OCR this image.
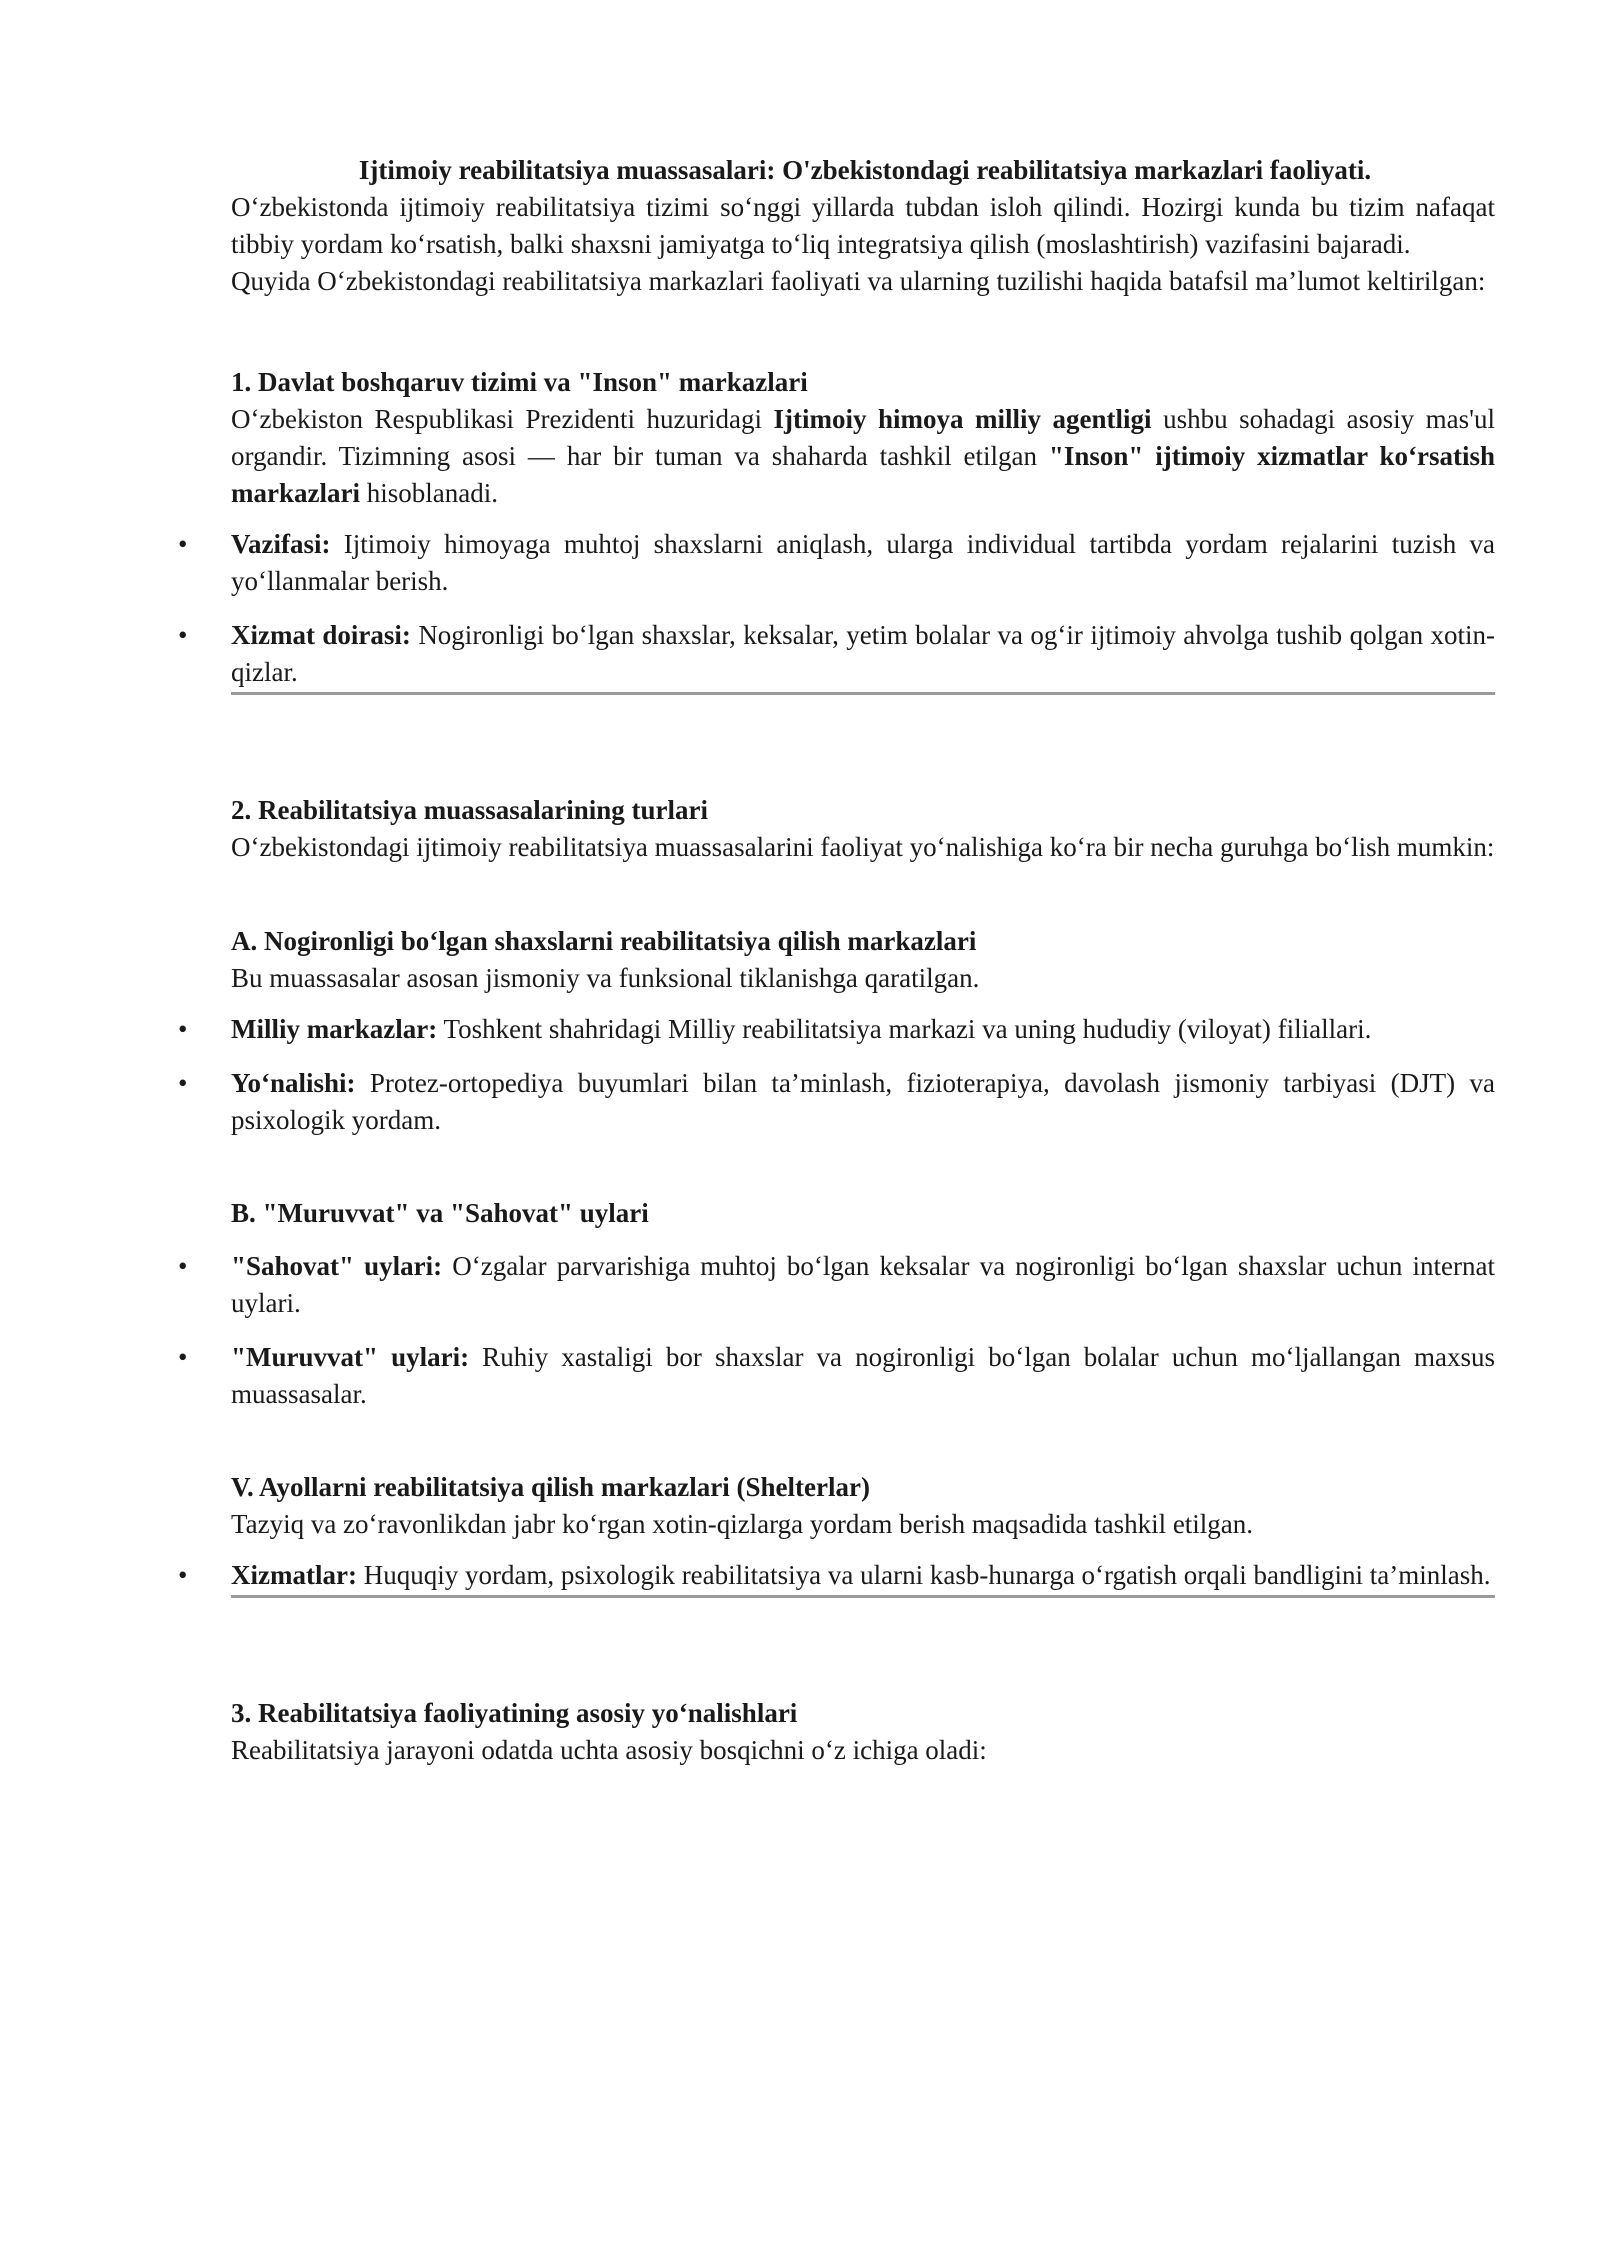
Ijtimoiy reabilitatsiya muassasalari: O'zbekistondagi reabilitatsiya markazlari faoliyati.

O‘zbekistonda ijtimoiy reabilitatsiya tizimi so‘nggi yillarda tubdan isloh qilindi. Hozirgi kunda bu tizim nafaqat tibbiy yordam ko‘rsatish, balki shaxsni jamiyatga to‘liq integratsiya qilish (moslashtirish) vazifasini bajaradi.

Quyida O‘zbekistondagi reabilitatsiya markazlari faoliyati va ularning tuzilishi haqida batafsil ma’lumot keltirilgan:

1. Davlat boshqaruv tizimi va "Inson" markazlari

O‘zbekiston Respublikasi Prezidenti huzuridagi Ijtimoiy himoya milliy agentligi ushbu sohadagi asosiy mas'ul organdir. Tizimning asosi — har bir tuman va shaharda tashkil etilgan "Inson" ijtimoiy xizmatlar ko‘rsatish markazlari hisoblanadi.

• Vazifasi: Ijtimoiy himoyaga muhtoj shaxslarni aniqlash, ularga individual tartibda yordam rejalarini tuzish va yo‘llanmalar berish.
• Xizmat doirasi: Nogironligi bo‘lgan shaxslar, keksalar, yetim bolalar va og‘ir ijtimoiy ahvolga tushib qolgan xotin-qizlar.
2. Reabilitatsiya muassasalarining turlari

O‘zbekistondagi ijtimoiy reabilitatsiya muassasalarini faoliyat yo‘nalishiga ko‘ra bir necha guruhga bo‘lish mumkin:

A. Nogironligi bo‘lgan shaxslarni reabilitatsiya qilish markazlari

Bu muassasalar asosan jismoniy va funksional tiklanishga qaratilgan.

• Milliy markazlar: Toshkent shahridagi Milliy reabilitatsiya markazi va uning hududiy (viloyat) filiallari.
• Yo‘nalishi: Protez-ortopediya buyumlari bilan ta’minlash, fizioterapiya, davolash jismoniy tarbiyasi (DJT) va psixologik yordam.
B. "Muruvvat" va "Sahovat" uylari
• "Sahovat" uylari: O‘zgalar parvarishiga muhtoj bo‘lgan keksalar va nogironligi bo‘lgan shaxslar uchun internat uylari.
• "Muruvvat" uylari: Ruhiy xastaligi bor shaxslar va nogironligi bo‘lgan bolalar uchun mo‘ljallangan maxsus muassasalar.
V. Ayollarni reabilitatsiya qilish markazlari (Shelterlar)

Tazyiq va zo‘ravonlikdan jabr ko‘rgan xotin-qizlarga yordam berish maqsadida tashkil etilgan.

• Xizmatlar: Huquqiy yordam, psixologik reabilitatsiya va ularni kasb-hunarga o‘rgatish orqali bandligini ta’minlash.
3. Reabilitatsiya faoliyatining asosiy yo‘nalishlari

Reabilitatsiya jarayoni odatda uchta asosiy bosqichni o‘z ichiga oladi:
